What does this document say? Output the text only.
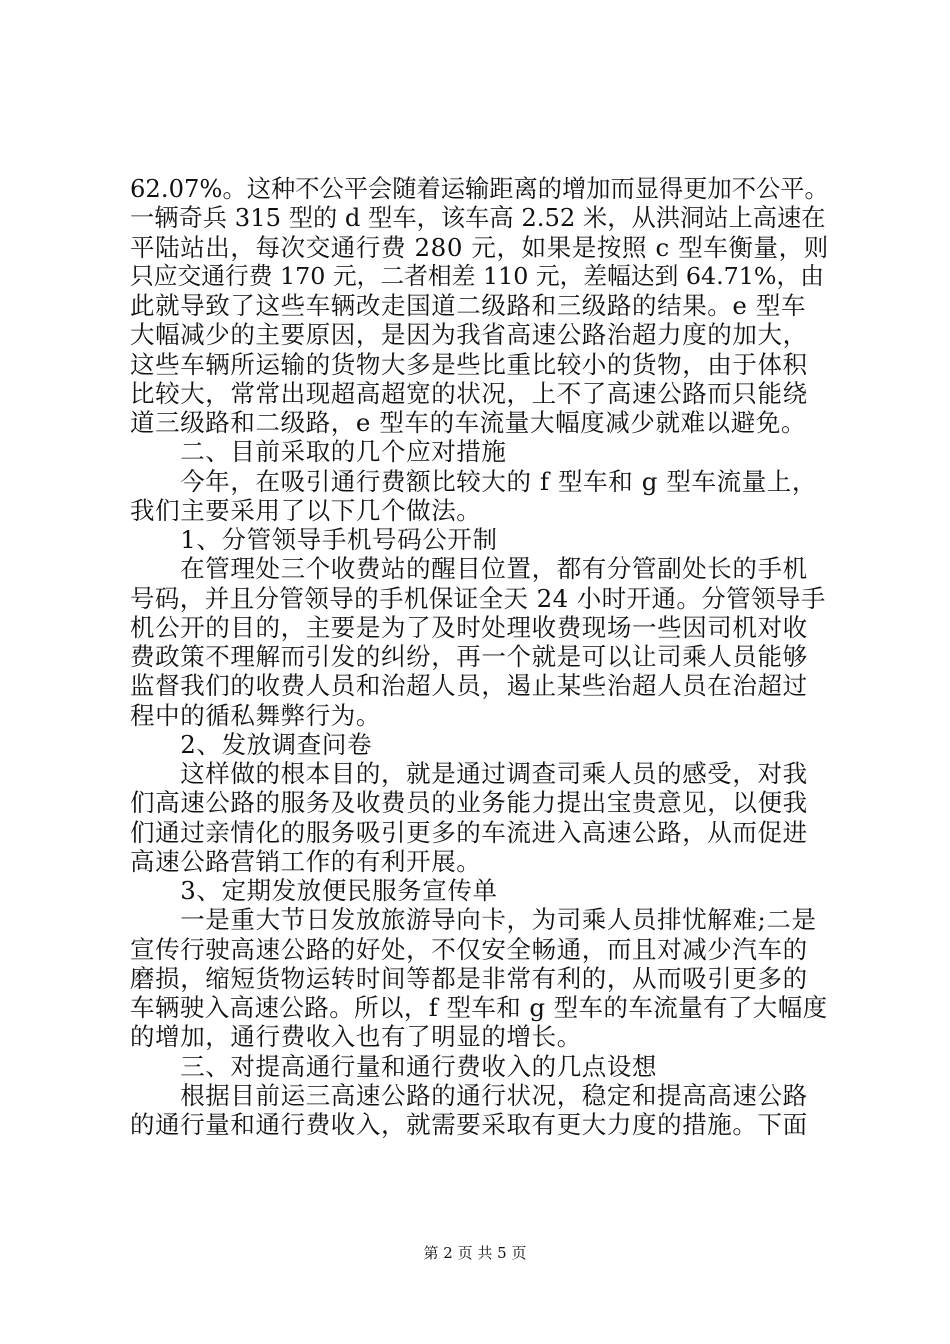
62.07%。这种不公平会随着运输距离的增加而显得更加不公平。
一辆奇兵 315 型的 d 型车，该车高 2.52 米，从洪洞站上高速在
平陆站出，每次交通行费 280 元，如果是按照 c 型车衡量，则
只应交通行费 170 元，二者相差 110 元，差幅达到 64.71%，由
此就导致了这些车辆改走国道二级路和三级路的结果。e 型车
大幅减少的主要原因，是因为我省高速公路治超力度的加大，
这些车辆所运输的货物大多是些比重比较小的货物，由于体积
比较大，常常出现超高超宽的状况，上不了高速公路而只能绕
道三级路和二级路，e 型车的车流量大幅度减少就难以避免。
　　二、目前采取的几个应对措施
　　今年，在吸引通行费额比较大的 f 型车和 g 型车流量上，
我们主要采用了以下几个做法。
　　1、分管领导手机号码公开制
　　在管理处三个收费站的醒目位置，都有分管副处长的手机
号码，并且分管领导的手机保证全天 24 小时开通。分管领导手
机公开的目的，主要是为了及时处理收费现场一些因司机对收
费政策不理解而引发的纠纷，再一个就是可以让司乘人员能够
监督我们的收费人员和治超人员，遏止某些治超人员在治超过
程中的循私舞弊行为。
　　2、发放调查问卷
　　这样做的根本目的，就是通过调查司乘人员的感受，对我
们高速公路的服务及收费员的业务能力提出宝贵意见，以便我
们通过亲情化的服务吸引更多的车流进入高速公路，从而促进
高速公路营销工作的有利开展。
　　3、定期发放便民服务宣传单
　　一是重大节日发放旅游导向卡，为司乘人员排忧解难;二是
宣传行驶高速公路的好处，不仅安全畅通，而且对减少汽车的
磨损，缩短货物运转时间等都是非常有利的，从而吸引更多的
车辆驶入高速公路。所以，f 型车和 g 型车的车流量有了大幅度
的增加，通行费收入也有了明显的增长。
　　三、对提高通行量和通行费收入的几点设想
　　根据目前运三高速公路的通行状况，稳定和提高高速公路
的通行量和通行费收入，就需要采取有更大力度的措施。下面
第 2 页 共 5 页
